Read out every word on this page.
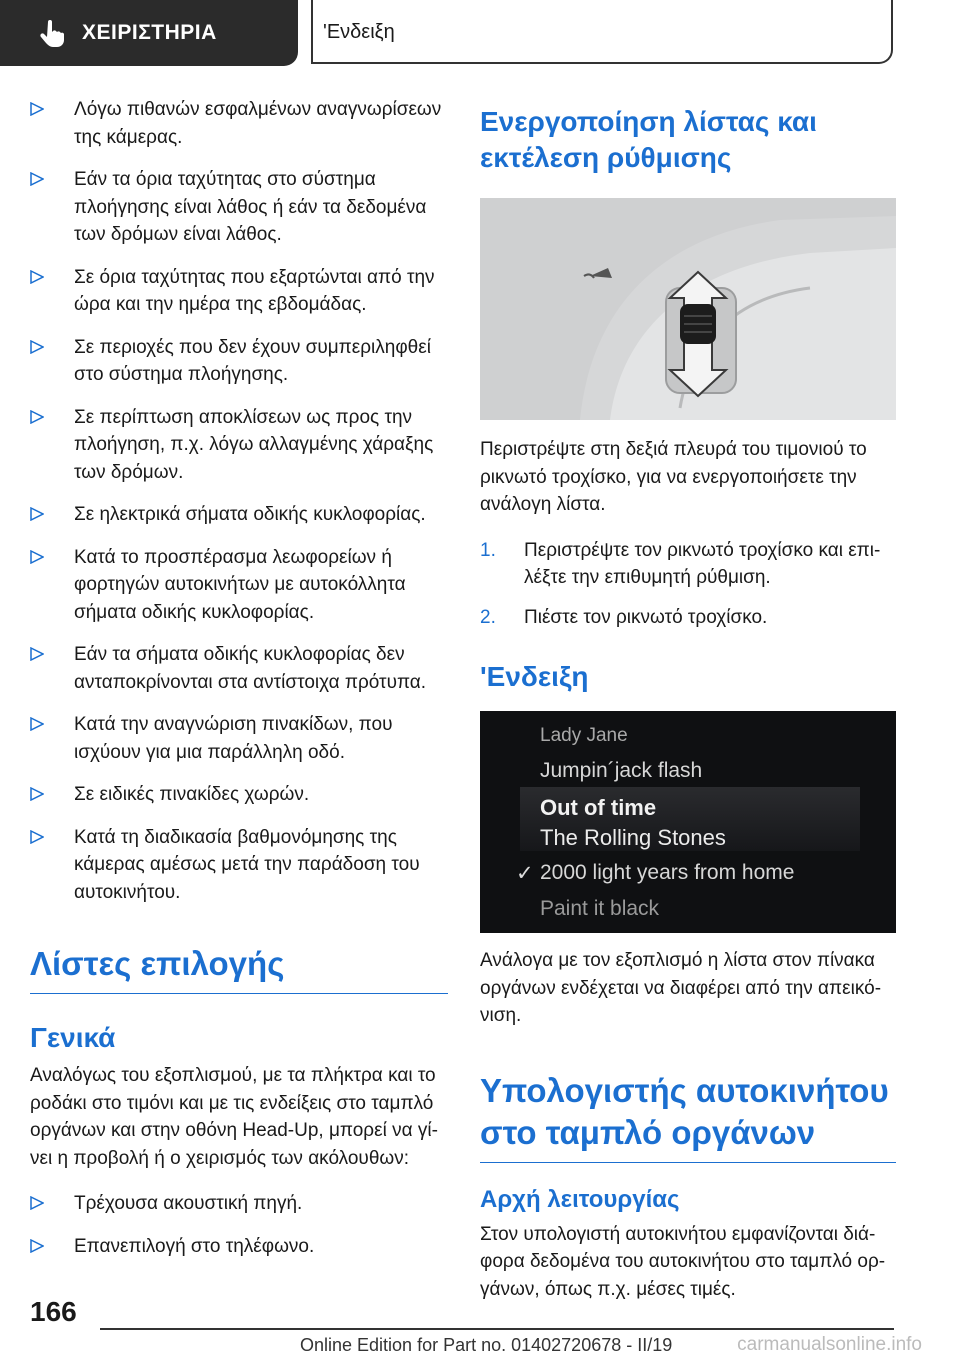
ΧΕΙΡΙΣΤΗΡΙΑ	'Ενδειξη
Λόγω πιθανών εσφαλμένων αναγνωρίσεων της κάμερας.
Εάν τα όρια ταχύτητας στο σύστημα πλοήγησης είναι λάθος ή εάν τα δεδομένα των δρόμων είναι λάθος.
Σε όρια ταχύτητας που εξαρτώνται από την ώρα και την ημέρα της εβδομάδας.
Σε περιοχές που δεν έχουν συμπεριληφθεί στο σύστημα πλοήγησης.
Σε περίπτωση αποκλίσεων ως προς την πλοήγηση, π.χ. λόγω αλλαγμένης χάραξης των δρόμων.
Σε ηλεκτρικά σήματα οδικής κυκλοφορίας.
Κατά το προσπέρασμα λεωφορείων ή φορτηγών αυτοκινήτων με αυτοκόλλητα σήματα οδικής κυκλοφορίας.
Εάν τα σήματα οδικής κυκλοφορίας δεν ανταποκρίνονται στα αντίστοιχα πρότυπα.
Κατά την αναγνώριση πινακίδων, που ισχύουν για μια παράλληλη οδό.
Σε ειδικές πινακίδες χωρών.
Κατά τη διαδικασία βαθμονόμησης της κάμερας αμέσως μετά την παράδοση του αυτοκινήτου.

Λίστες επιλογής

Γενικά

Αναλόγως του εξοπλισμού, με τα πλήκτρα και το ροδάκι στο τιμόνι και με τις ενδείξεις στο ταμπλό οργάνων και στην οθόνη Head-Up, μπορεί να γίνει η προβολή ή ο χειρισμός των ακόλουθων:

Τρέχουσα ακουστική πηγή.
Επανεπιλογή στο τηλέφωνο.

Ενεργοποίηση λίστας και εκτέλεση ρύθμισης

Περιστρέψτε στη δεξιά πλευρά του τιμονιού το ρικνωτό τροχίσκο, για να ενεργοποιήσετε την ανάλογη λίστα.

1. Περιστρέψτε τον ρικνωτό τροχίσκο και επιλέξτε την επιθυμητή ρύθμιση.
2. Πιέστε τον ρικνωτό τροχίσκο.

'Ενδειξη

Lady Jane
Jumpin´jack flash
Out of time
The Rolling Stones
✓ 2000 light years from home
Paint it black

Ανάλογα με τον εξοπλισμό η λίστα στον πίνακα οργάνων ενδέχεται να διαφέρει από την απεικόνιση.

Υπολογιστής αυτοκινήτου στο ταμπλό οργάνων

Αρχή λειτουργίας

Στον υπολογιστή αυτοκινήτου εμφανίζονται διάφορα δεδομένα του αυτοκινήτου στο ταμπλό οργάνων, όπως π.χ. μέσες τιμές.

166
Online Edition for Part no. 01402720678 - II/19	carmanualsonline.info
